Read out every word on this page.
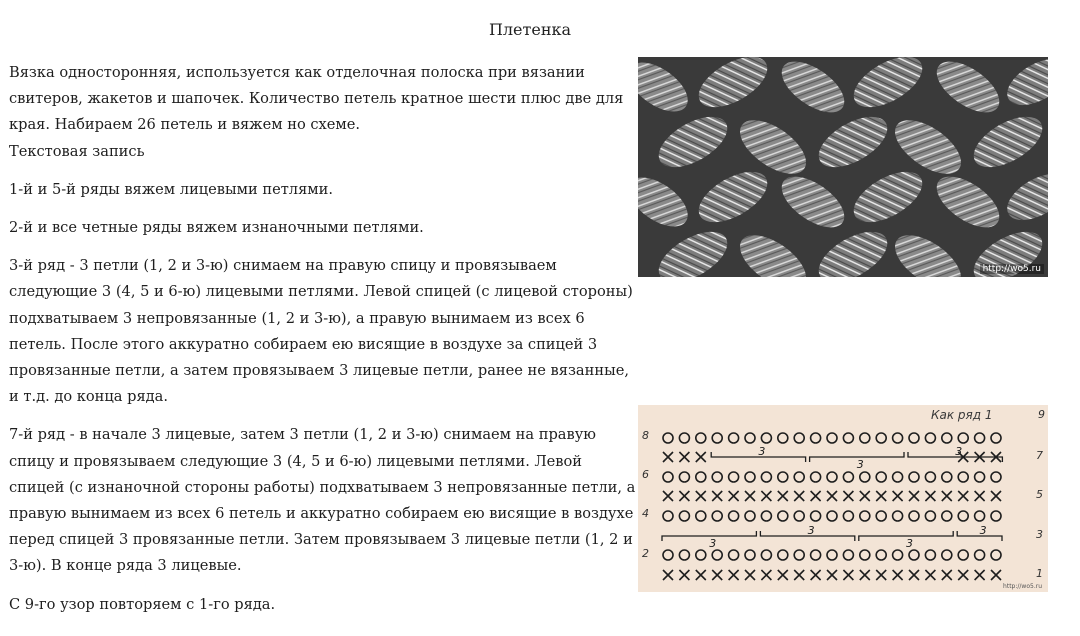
Плетенка

Вязка односторонняя, используется как отделочная полоска при вязании свитеров, жакетов и шапочек. Количество петель кратное шести плюс две для края. Набираем 26 петель и вяжем но схеме.

Текстовая запись

1-й и 5-й ряды вяжем лицевыми петлями.

2-й и все четные ряды вяжем изнаночными петлями.

3-й ряд - 3 петли (1, 2 и 3-ю) снимаем на правую спицу и провязываем следующие 3 (4, 5 и 6-ю) лицевыми петлями. Левой спицей (с лицевой стороны) подхватываем 3 непровязанные (1, 2 и 3-ю), а правую вынимаем из всех 6 петель. После этого аккуратно собираем ею висящие в воздухе за спицей 3 провязанные петли, а затем провязываем 3 лицевые петли, ранее не вязанные, и т.д. до конца ряда.

7-й ряд - в начале 3 лицевые, затем 3 петли (1, 2 и 3-ю) снимаем на правую спицу и провязываем следующие 3 (4, 5 и 6-ю) лицевыми петлями. Левой спицей (с изнаночной стороны работы) подхватываем 3 непровязанные петли, а правую вынимаем из всех 6 петель и аккуратно собираем ею висящие в воздухе перед спицей 3 провязанные петли. Затем провязываем 3 лицевые петли (1, 2 и 3-ю). В конце ряда 3 лицевые.

С 9-го узор повторяем с 1-го ряда.

http://wo5.ru
3
3
3
3
3
3
3
Как ряд 1	9
8
7
6
5
4
3
2
1
http://wo5.ru
